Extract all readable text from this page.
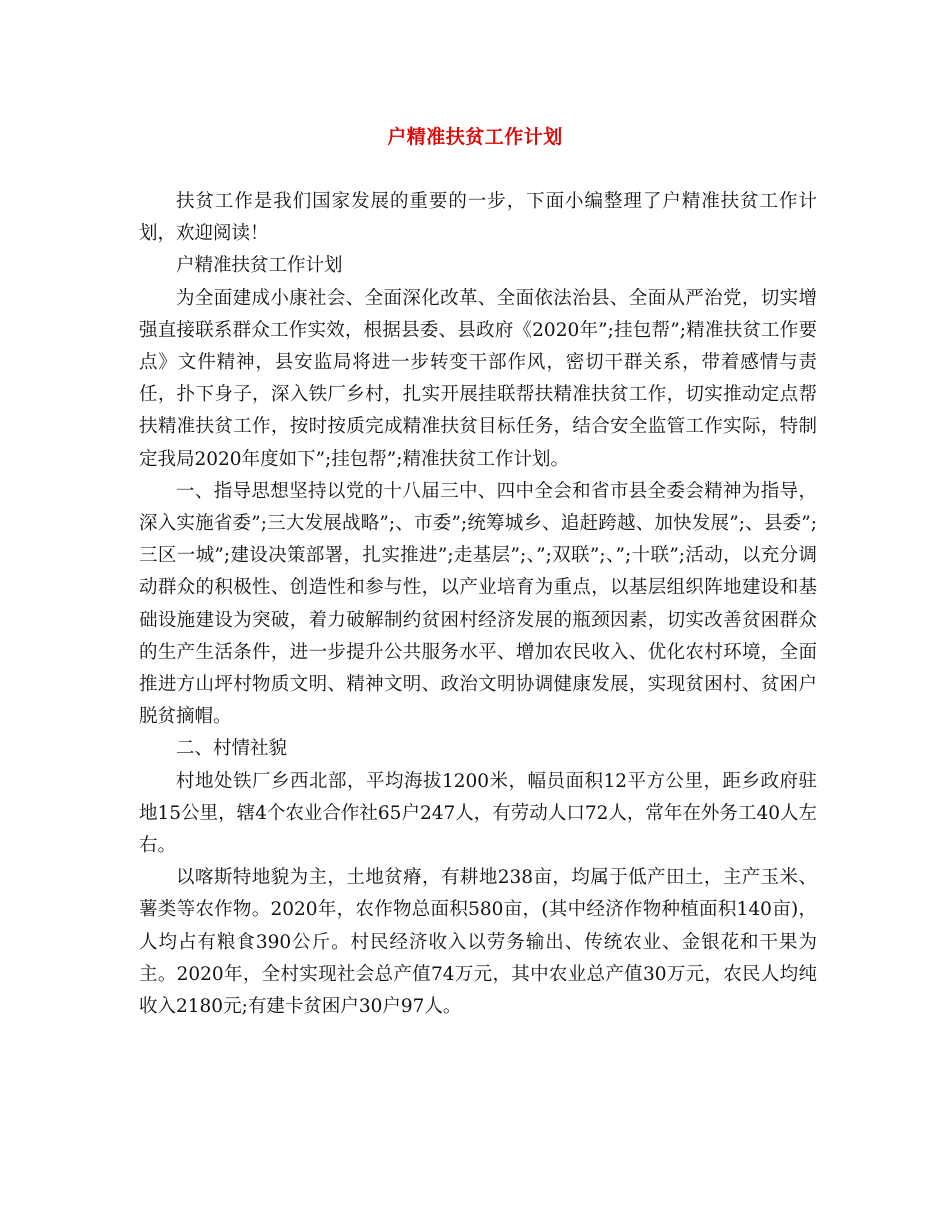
户精准扶贫工作计划

扶贫工作是我们国家发展的重要的一步，下面小编整理了户精准扶贫工作计划，欢迎阅读！

户精准扶贫工作计划

为全面建成小康社会、全面深化改革、全面依法治县、全面从严治党，切实增强直接联系群众工作实效，根据县委、县政府《2020年”;挂包帮”;精准扶贫工作要点》文件精神，县安监局将进一步转变干部作风，密切干群关系，带着感情与责任，扑下身子，深入铁厂乡村，扎实开展挂联帮扶精准扶贫工作，切实推动定点帮扶精准扶贫工作，按时按质完成精准扶贫目标任务，结合安全监管工作实际，特制定我局2020年度如下”;挂包帮”;精准扶贫工作计划。

一、指导思想坚持以党的十八届三中、四中全会和省市县全委会精神为指导，深入实施省委”;三大发展战略”;、市委”;统筹城乡、追赶跨越、加快发展”;、县委”;三区一城”;建设决策部署，扎实推进”;走基层”;、”;双联”;、”;十联”;活动，以充分调动群众的积极性、创造性和参与性，以产业培育为重点，以基层组织阵地建设和基础设施建设为突破，着力破解制约贫困村经济发展的瓶颈因素，切实改善贫困群众的生产生活条件，进一步提升公共服务水平、增加农民收入、优化农村环境，全面推进方山坪村物质文明、精神文明、政治文明协调健康发展，实现贫困村、贫困户脱贫摘帽。

二、村情社貌

村地处铁厂乡西北部，平均海拔1200米，幅员面积12平方公里，距乡政府驻地15公里，辖4个农业合作社65户247人，有劳动人口72人，常年在外务工40人左右。

以喀斯特地貌为主，土地贫瘠，有耕地238亩，均属于低产田土，主产玉米、薯类等农作物。2020年，农作物总面积580亩，(其中经济作物种植面积140亩)，人均占有粮食390公斤。村民经济收入以劳务输出、传统农业、金银花和干果为主。2020年，全村实现社会总产值74万元，其中农业总产值30万元，农民人均纯收入2180元;有建卡贫困户30户97人。
